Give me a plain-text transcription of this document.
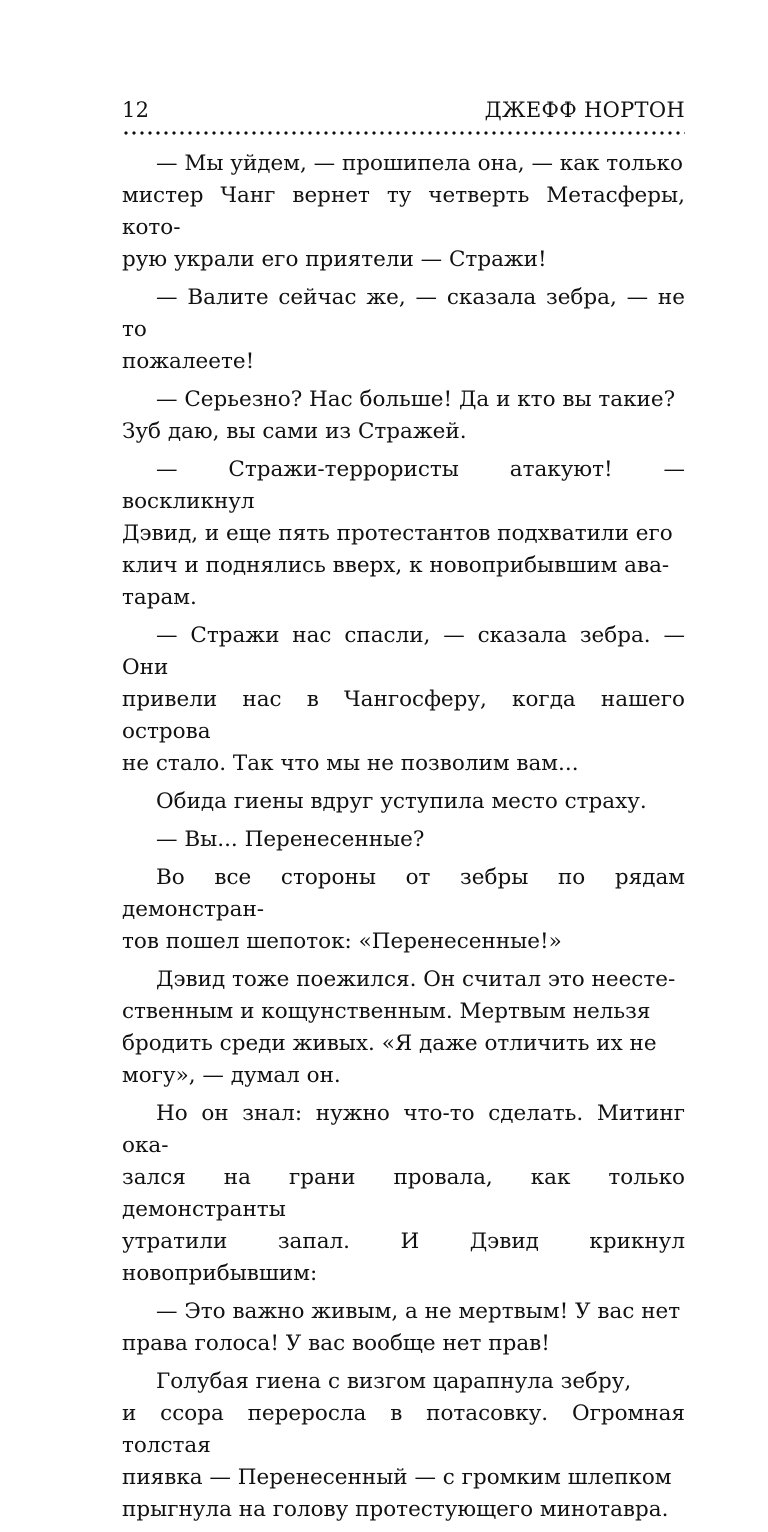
12	ДЖЕФФ НОРТОН

— Мы уйдем, — прошипела она, — как только
мистер Чанг вернет ту четверть Метасферы, кото-
рую украли его приятели — Стражи!

— Валите сейчас же, — сказала зебра, — не то
пожалеете!

— Серьезно? Нас больше! Да и кто вы такие?
Зуб даю, вы сами из Стражей.

— Стражи-террористы атакуют! — воскликнул
Дэвид, и еще пять протестантов подхватили его
клич и поднялись вверх, к новоприбывшим ава-
тарам.

— Стражи нас спасли, — сказала зебра. — Они
привели нас в Чангосферу, когда нашего острова
не стало. Так что мы не позволим вам...

Обида гиены вдруг уступила место страху.

— Вы... Перенесенные?

Во все стороны от зебры по рядам демонстран-
тов пошел шепоток: «Перенесенные!»

Дэвид тоже поежился. Он считал это неесте-
ственным и кощунственным. Мертвым нельзя
бродить среди живых. «Я даже отличить их не
могу», — думал он.

Но он знал: нужно что-то сделать. Митинг ока-
зался на грани провала, как только демонстранты
утратили запал. И Дэвид крикнул новоприбывшим:

— Это важно живым, а не мертвым! У вас нет
права голоса! У вас вообще нет прав!

Голубая гиена с визгом царапнула зебру,
и ссора переросла в потасовку. Огромная толстая
пиявка — Перенесенный — с громким шлепком
прыгнула на голову протестующего минотавра.
